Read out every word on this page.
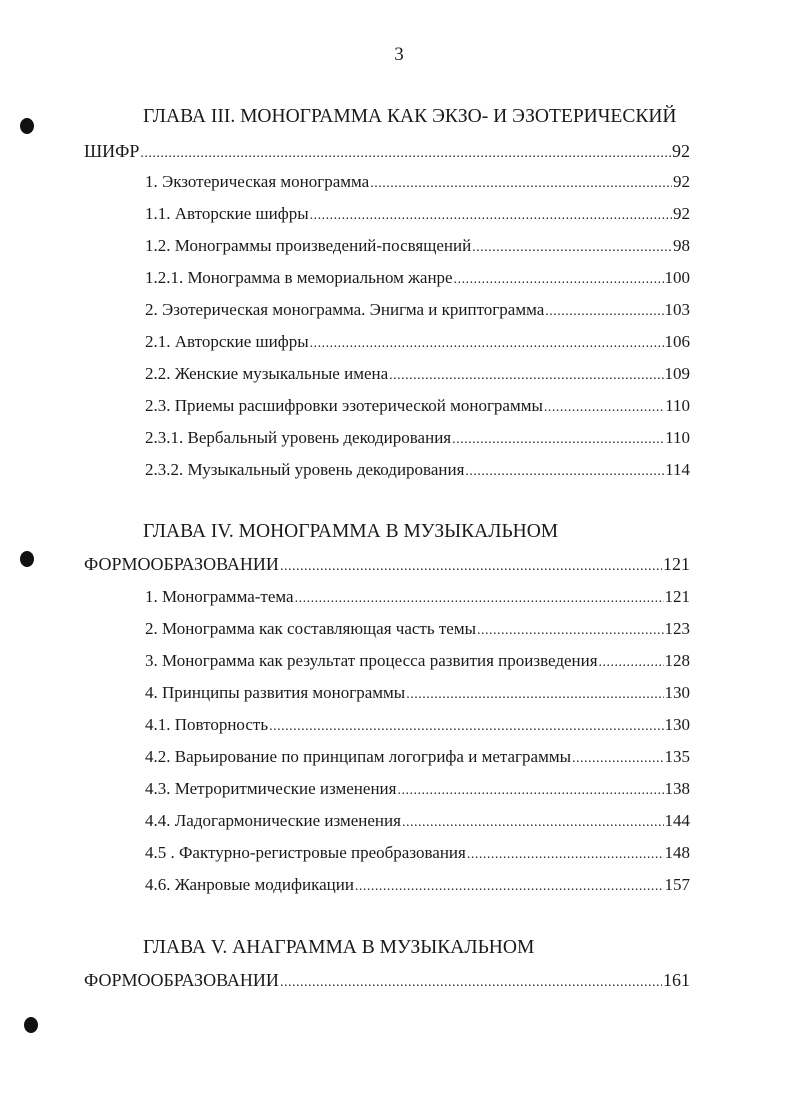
3
ГЛАВА III. МОНОГРАММА КАК ЭКЗО- И ЭЗОТЕРИЧЕСКИЙ
ШИФР .....	92
1. Экзотерическая монограмма .....	92
1.1. Авторские шифры .....	92
1.2. Монограммы произведений-посвящений .....	98
1.2.1. Монограмма в мемориальном жанре .....	100
2. Эзотерическая монограмма. Энигма и криптограмма .....	103
2.1. Авторские шифры .....	106
2.2. Женские музыкальные имена .....	109
2.3. Приемы расшифровки эзотерической монограммы .....	110
2.3.1. Вербальный уровень декодирования .....	110
2.3.2. Музыкальный уровень декодирования .....	114
ГЛАВА IV. МОНОГРАММА В МУЗЫКАЛЬНОМ
ФОРМООБРАЗОВАНИИ .....	121
1. Монограмма-тема .....	121
2. Монограмма как составляющая часть темы .....	123
3. Монограмма как результат процесса развития произведения .....	128
4. Принципы развития монограммы .....	130
4.1. Повторность .....	130
4.2. Варьирование по принципам логогрифа и метаграммы .....	135
4.3. Метроритмические изменения .....	138
4.4. Ладогармонические изменения .....	144
4.5 . Фактурно-регистровые преобразования .....	148
4.6. Жанровые модификации .....	157
ГЛАВА V. АНАГРАММА В МУЗЫКАЛЬНОМ
ФОРМООБРАЗОВАНИИ .....	161
